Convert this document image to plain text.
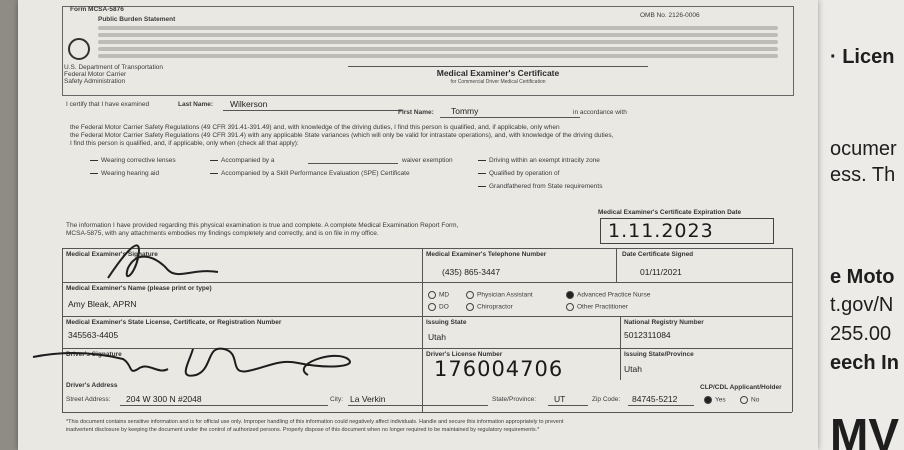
· Licen
ocumer
ess. Th
e Moto
t.gov/N
255.00
eech In
MV
Form MCSA-5876
OMB No. 2126-0006
Public Burden Statement
U.S. Department of Transportation
Federal Motor Carrier
Safety Administration
Medical Examiner's Certificate
for Commercial Driver Medical Certification
I certify that I have examined	Last Name: Wilkerson
First Name: Tommy	in accordance with
the Federal Motor Carrier Safety Regulations (49 CFR 391.41-391.49) and, with knowledge of the driving duties, I find this person is qualified, and, if applicable, only when
the Federal Motor Carrier Safety Regulations (49 CFR 391.4) with any applicable State variances (which will only be valid for intrastate operations), and, with knowledge of the driving duties,
I find this person is qualified, and, if applicable, only when (check all that apply):
Wearing corrective lenses
Wearing hearing aid
Accompanied by a	waiver exemption
Accompanied by a Skill Performance Evaluation (SPE) Certificate
Driving within an exempt intracity zone
Qualified by operation of
Grandfathered from State requirements
The information I have provided regarding this physical examination is true and complete. A complete Medical Examination Report Form,
MCSA-5875, with any attachments embodies my findings completely and correctly, and is on file in my office.
Medical Examiner's Certificate Expiration Date
1.11.2023
Medical Examiner's Signature	Medical Examiner's Telephone Number
(435) 865-3447
Date Certificate Signed
01/11/2021
Medical Examiner's Name (please print or type)
Amy Bleak, APRN
MD
DO
Physician Assistant
Chiropractor
Advanced Practice Nurse
Other Practitioner
Medical Examiner's State License, Certificate, or Registration Number
345563-4405
Issuing State
Utah
National Registry Number
5012311084
Driver's Signature	Driver's License Number
176004706
Issuing State/Province
Utah
Driver's Address
Street Address: 204 W 300 N #2048	City: La Verkin	State/Province: UT	Zip Code: 84745-5212
CLP/CDL Applicant/Holder
Yes	No
*This document contains sensitive information and is for official use only. Improper handling of this information could negatively affect individuals. Handle and secure this information appropriately to prevent
inadvertent disclosure by keeping the document under the control of authorized persons. Properly dispose of this document when no longer required to be maintained by regulatory requirements.*
